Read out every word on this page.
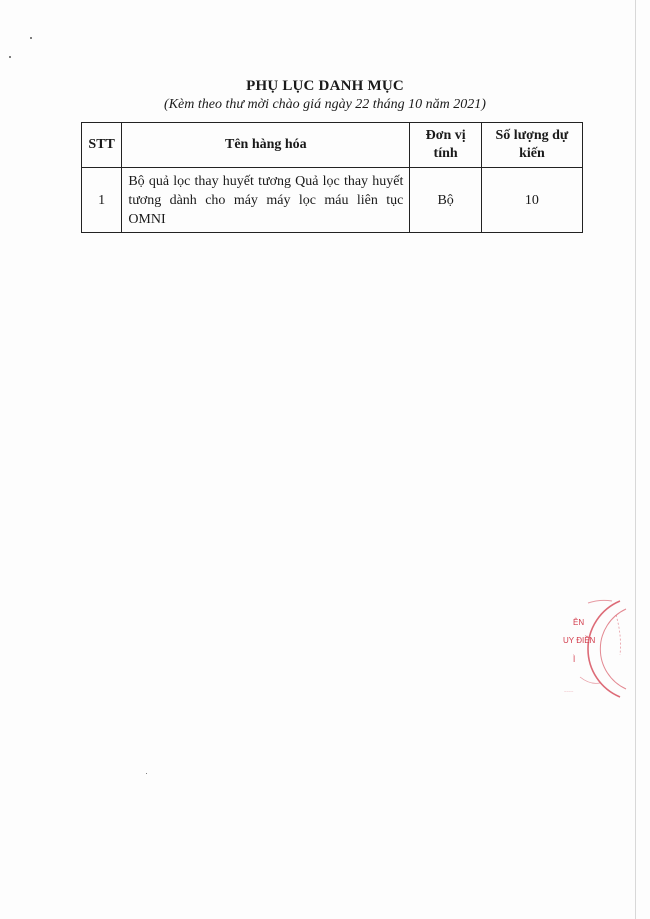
PHỤ LỤC DANH MỤC
(Kèm theo thư mời chào giá ngày 22 tháng 10 năm 2021)
STT	Tên hàng hóa	Đơn vị tính	Số lượng dự kiến
1	Bộ quả lọc thay huyết tương Quả lọc thay huyết tương dành cho máy máy lọc máu liên tục OMNI	Bộ	10
~~~~
ÊN
UY ĐIỀN
Ì
